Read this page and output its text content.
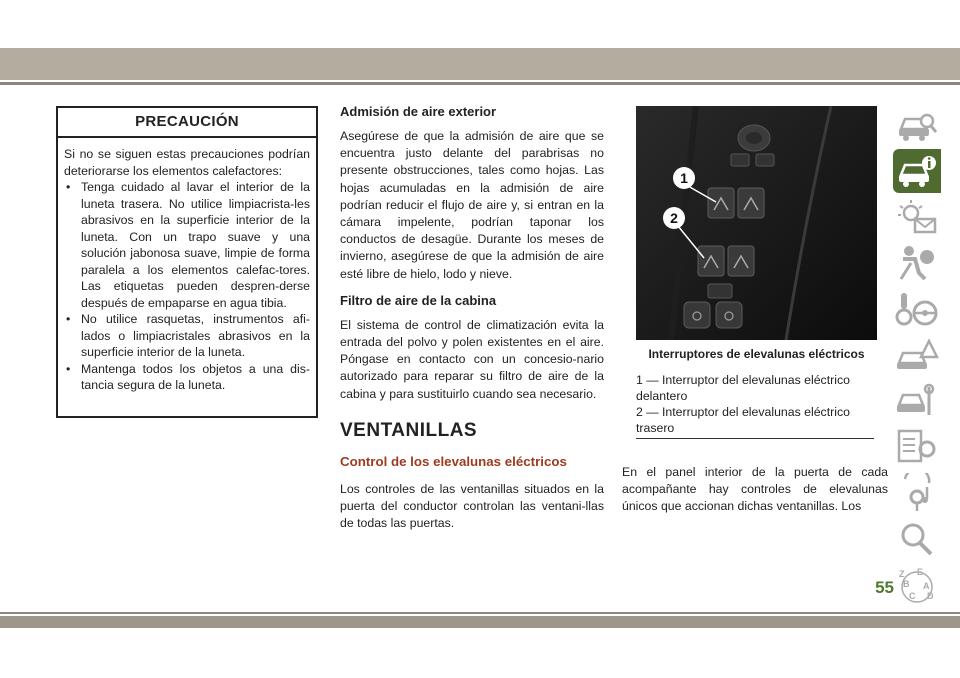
PRECAUCIÓN

Si no se siguen estas precauciones podrían deteriorarse los elementos calefactores:

• Tenga cuidado al lavar el interior de la luneta trasera. No utilice limpiacrista-les abrasivos en la superficie interior de la luneta. Con un trapo suave y una solución jabonosa suave, limpie de forma paralela a los elementos calefac-tores. Las etiquetas pueden despren-derse después de empaparse en agua tibia.
• No utilice rasquetas, instrumentos afi-lados o limpiacristales abrasivos en la superficie interior de la luneta.
• Mantenga todos los objetos a una dis-tancia segura de la luneta.
Admisión de aire exterior

Asegúrese de que la admisión de aire que se encuentra justo delante del parabrisas no presente obstrucciones, tales como hojas. Las hojas acumuladas en la admisión de aire podrían reducir el flujo de aire y, si entran en la cámara impelente, podrían taponar los conductos de desagüe. Durante los meses de invierno, asegúrese de que la admisión de aire esté libre de hielo, lodo y nieve.

Filtro de aire de la cabina

El sistema de control de climatización evita la entrada del polvo y polen existentes en el aire. Póngase en contacto con un concesio-nario autorizado para reparar su filtro de aire de la cabina y para sustituirlo cuando sea necesario.

VENTANILLAS
Control de los elevalunas eléctricos

Los controles de las ventanillas situados en la puerta del conductor controlan las ventani-llas de todas las puertas.

1
2
Interruptores de elevalunas eléctricos
1 — Interruptor del elevalunas eléctrico delantero
2 — Interruptor del elevalunas eléctrico trasero
En el panel interior de la puerta de cada acompañante hay controles de elevalunas únicos que accionan dichas ventanillas. Los
Z E
B A
C D
55
